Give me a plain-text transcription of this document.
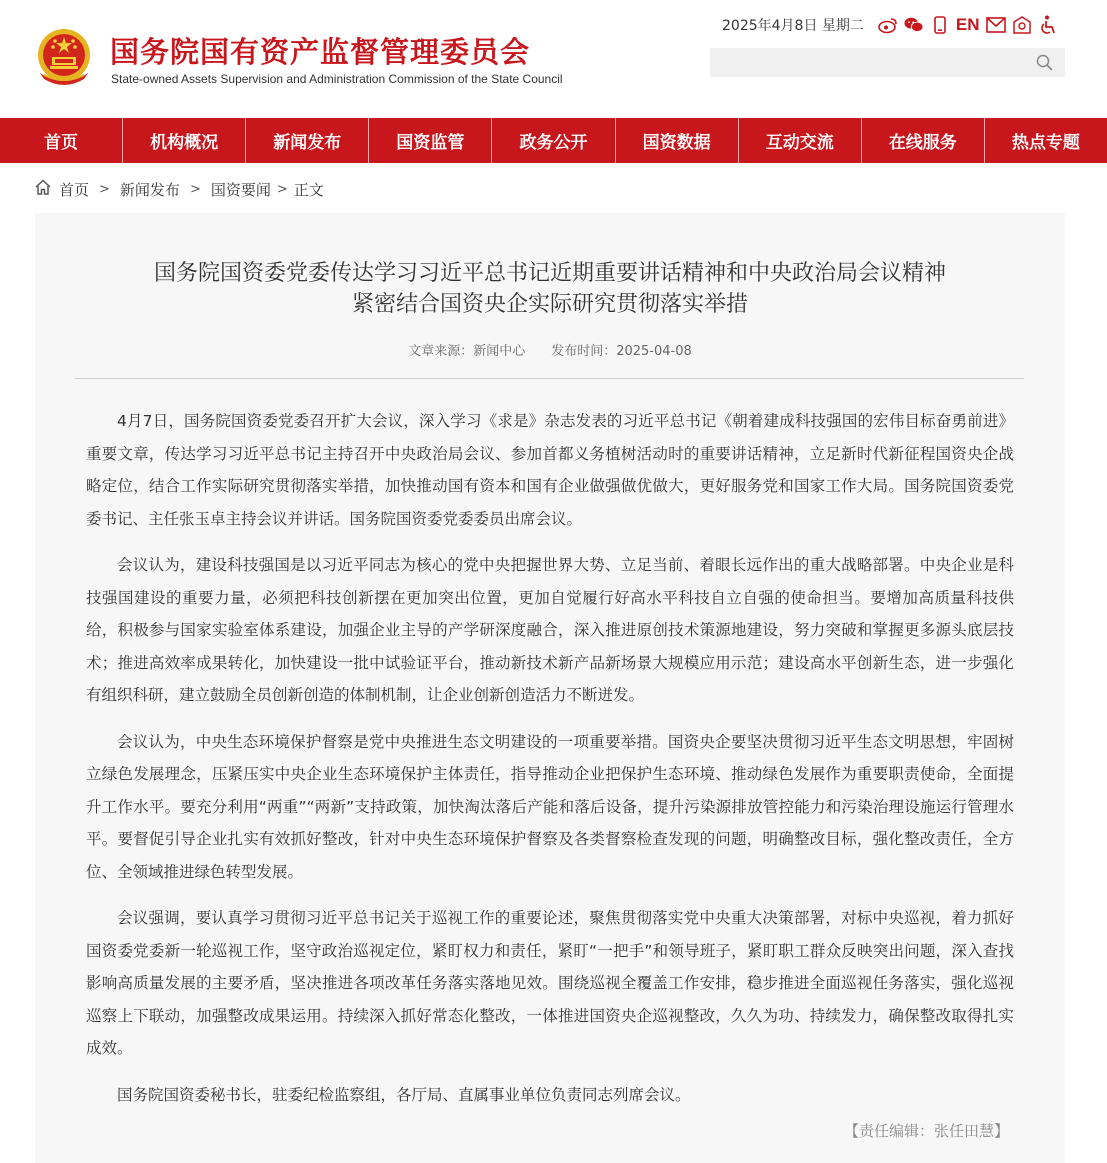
国务院国有资产监督管理委员会
State-owned Assets Supervision and Administration Commission of the State Council
2025年4月8日 星期二	EN
首页	机构概况	新闻发布	国资监管	政务公开	国资数据	互动交流	在线服务	热点专题
首页 > 新闻发布 > 国资要闻 > 正文
国务院国资委党委传达学习习近平总书记近期重要讲话精神和中央政治局会议精神
紧密结合国资央企实际研究贯彻落实举措
文章来源：新闻中心 发布时间：2025-04-08

4月7日，国务院国资委党委召开扩大会议，深入学习《求是》杂志发表的习近平总书记《朝着建成科技强国的宏伟目标奋勇前进》重要文章，传达学习习近平总书记主持召开中央政治局会议、参加首都义务植树活动时的重要讲话精神，立足新时代新征程国资央企战略定位，结合工作实际研究贯彻落实举措，加快推动国有资本和国有企业做强做优做大，更好服务党和国家工作大局。国务院国资委党委书记、主任张玉卓主持会议并讲话。国务院国资委党委委员出席会议。

会议认为，建设科技强国是以习近平同志为核心的党中央把握世界大势、立足当前、着眼长远作出的重大战略部署。中央企业是科技强国建设的重要力量，必须把科技创新摆在更加突出位置，更加自觉履行好高水平科技自立自强的使命担当。要增加高质量科技供给，积极参与国家实验室体系建设，加强企业主导的产学研深度融合，深入推进原创技术策源地建设，努力突破和掌握更多源头底层技术；推进高效率成果转化，加快建设一批中试验证平台，推动新技术新产品新场景大规模应用示范；建设高水平创新生态，进一步强化有组织科研，建立鼓励全员创新创造的体制机制，让企业创新创造活力不断迸发。

会议认为，中央生态环境保护督察是党中央推进生态文明建设的一项重要举措。国资央企要坚决贯彻习近平生态文明思想，牢固树立绿色发展理念，压紧压实中央企业生态环境保护主体责任，指导推动企业把保护生态环境、推动绿色发展作为重要职责使命，全面提升工作水平。要充分利用“两重”“两新”支持政策，加快淘汰落后产能和落后设备，提升污染源排放管控能力和污染治理设施运行管理水平。要督促引导企业扎实有效抓好整改，针对中央生态环境保护督察及各类督察检查发现的问题，明确整改目标，强化整改责任，全方位、全领域推进绿色转型发展。

会议强调，要认真学习贯彻习近平总书记关于巡视工作的重要论述，聚焦贯彻落实党中央重大决策部署，对标中央巡视，着力抓好国资委党委新一轮巡视工作，坚守政治巡视定位，紧盯权力和责任，紧盯“一把手”和领导班子，紧盯职工群众反映突出问题，深入查找影响高质量发展的主要矛盾，坚决推进各项改革任务落实落地见效。围绕巡视全覆盖工作安排，稳步推进全面巡视任务落实，强化巡视巡察上下联动，加强整改成果运用。持续深入抓好常态化整改，一体推进国资央企巡视整改，久久为功、持续发力，确保整改取得扎实成效。

国务院国资委秘书长，驻委纪检监察组，各厅局、直属事业单位负责同志列席会议。

【责任编辑：张任田慧】
